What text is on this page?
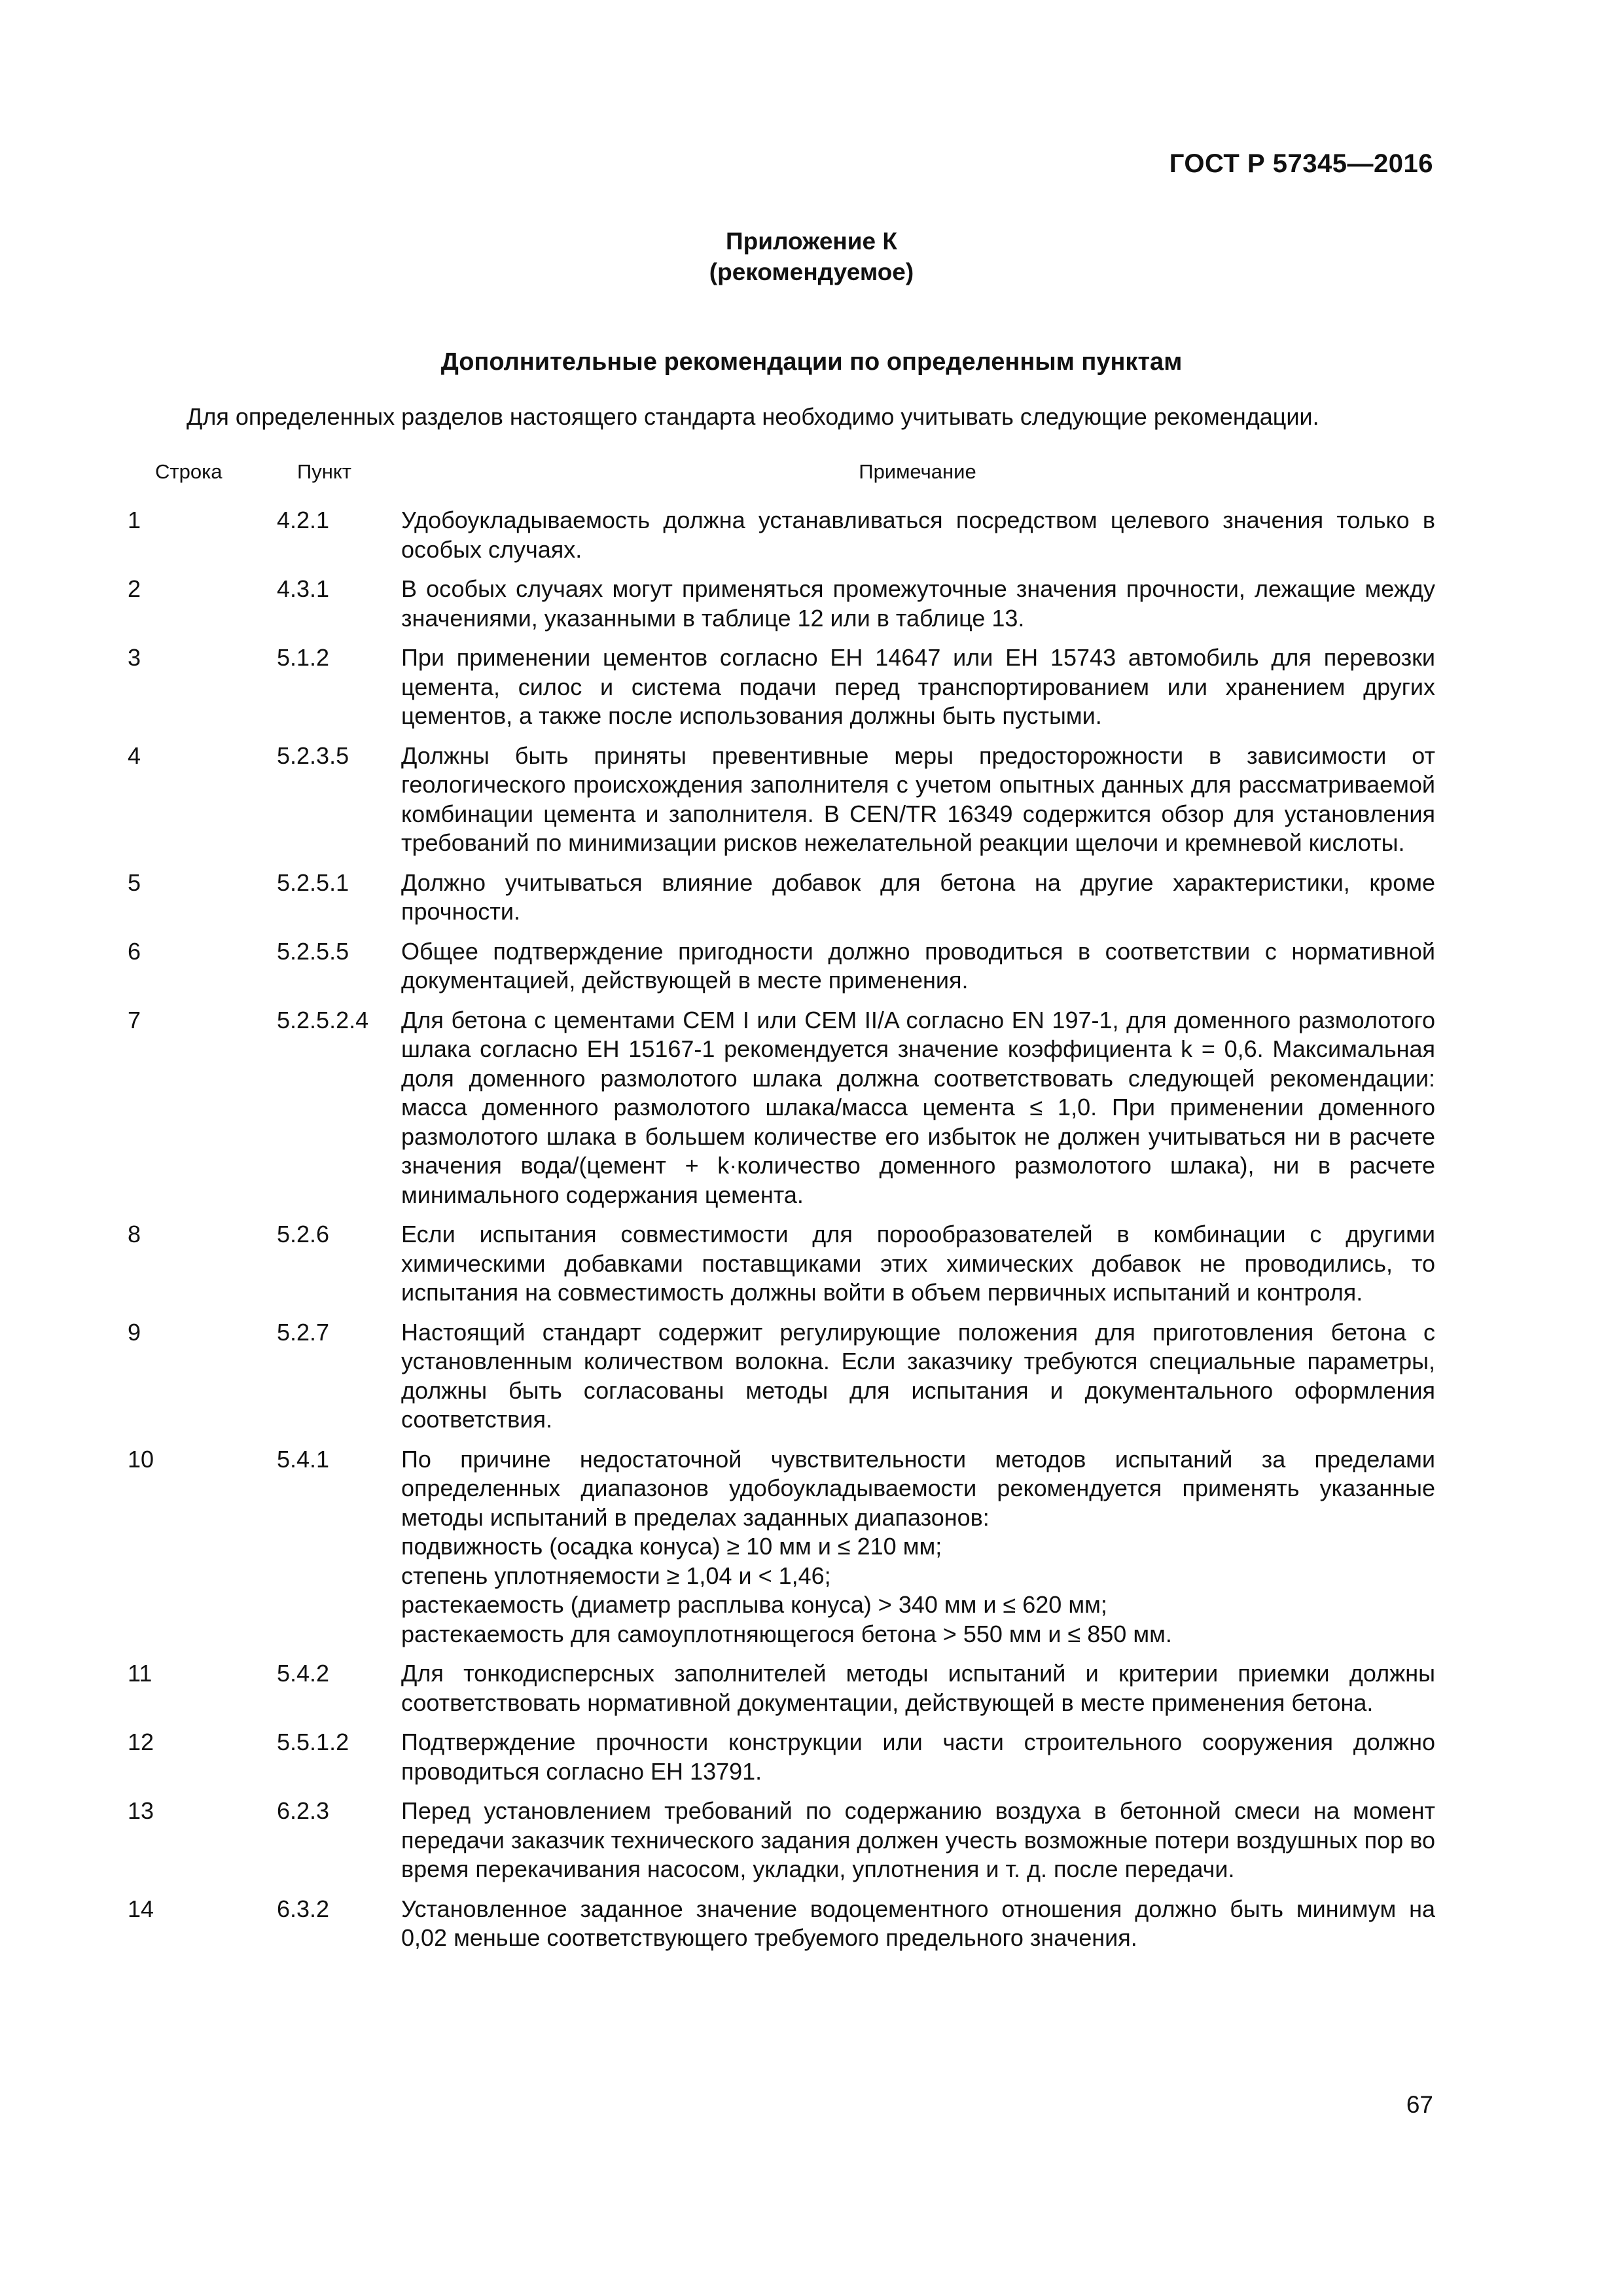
ГОСТ Р 57345—2016
Приложение К
(рекомендуемое)
Дополнительные рекомендации по определенным пунктам
Для определенных разделов настоящего стандарта необходимо учитывать следующие рекомендации.
Строка	Пункт	Примечание
1	4.2.1	Удобоукладываемость должна устанавливаться посредством целевого значения только в особых случаях.
2	4.3.1	В особых случаях могут применяться промежуточные значения прочности, лежащие между значениями, указанными в таблице 12 или в таблице 13.
3	5.1.2	При применении цементов согласно ЕН 14647 или ЕН 15743 автомобиль для перевозки цемента, силос и система подачи перед транспортированием или хранением других цементов, а также после использования должны быть пустыми.
4	5.2.3.5	Должны быть приняты превентивные меры предосторожности в зависимости от геологического происхождения заполнителя с учетом опытных данных для рассматриваемой комбинации цемента и заполнителя. В CEN/TR 16349 содержится обзор для установления требований по минимизации рисков нежелательной реакции щелочи и кремневой кислоты.
5	5.2.5.1	Должно учитываться влияние добавок для бетона на другие характеристики, кроме прочности.
6	5.2.5.5	Общее подтверждение пригодности должно проводиться в соответствии с нормативной документацией, действующей в месте применения.
7	5.2.5.2.4	Для бетона с цементами CEM I или CEM II/A согласно EN 197-1, для доменного размолотого шлака согласно ЕН 15167-1 рекомендуется значение коэффициента k = 0,6. Максимальная доля доменного размолотого шлака должна соответствовать следующей рекомендации: масса доменного размолотого шлака/масса цемента ≤ 1,0. При применении доменного размолотого шлака в большем количестве его избыток не должен учитываться ни в расчете значения вода/(цемент + k·количество доменного размолотого шлака), ни в расчете минимального содержания цемента.
8	5.2.6	Если испытания совместимости для порообразователей в комбинации с другими химическими добавками поставщиками этих химических добавок не проводились, то испытания на совместимость должны войти в объем первичных испытаний и контроля.
9	5.2.7	Настоящий стандарт содержит регулирующие положения для приготовления бетона с установленным количеством волокна. Если заказчику требуются специальные параметры, должны быть согласованы методы для испытания и документального оформления соответствия.
10	5.4.1	По причине недостаточной чувствительности методов испытаний за пределами определенных диапазонов удобоукладываемости рекомендуется применять указанные методы испытаний в пределах заданных диапазонов:
подвижность (осадка конуса) ≥ 10 мм и ≤ 210 мм;
степень уплотняемости ≥ 1,04 и < 1,46;
растекаемость (диаметр расплыва конуса) > 340 мм и ≤ 620 мм;
растекаемость для самоуплотняющегося бетона > 550 мм и ≤ 850 мм.
11	5.4.2	Для тонкодисперсных заполнителей методы испытаний и критерии приемки должны соответствовать нормативной документации, действующей в месте применения бетона.
12	5.5.1.2	Подтверждение прочности конструкции или части строительного сооружения должно проводиться согласно ЕН 13791.
13	6.2.3	Перед установлением требований по содержанию воздуха в бетонной смеси на момент передачи заказчик технического задания должен учесть возможные потери воздушных пор во время перекачивания насосом, укладки, уплотнения и т. д. после передачи.
14	6.3.2	Установленное заданное значение водоцементного отношения должно быть минимум на 0,02 меньше соответствующего требуемого предельного значения.
67
